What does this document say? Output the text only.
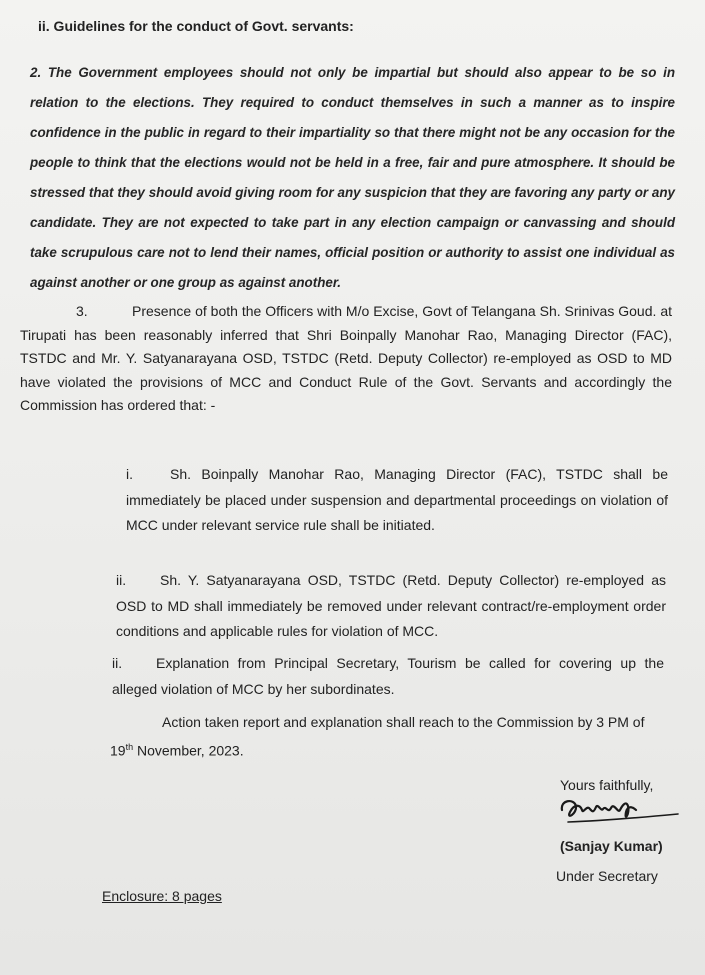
ii. Guidelines for the conduct of Govt. servants:
2. The Government employees should not only be impartial but should also appear to be so in relation to the elections. They required to conduct themselves in such a manner as to inspire confidence in the public in regard to their impartiality so that there might not be any occasion for the people to think that the elections would not be held in a free, fair and pure atmosphere. It should be stressed that they should avoid giving room for any suspicion that they are favoring any party or any candidate. They are not expected to take part in any election campaign or canvassing and should take scrupulous care not to lend their names, official position or authority to assist one individual as against another or one group as against another.
3.	Presence of both the Officers with M/o Excise, Govt of Telangana Sh. Srinivas Goud. at Tirupati has been reasonably inferred that Shri Boinpally Manohar Rao, Managing Director (FAC), TSTDC and Mr. Y. Satyanarayana OSD, TSTDC (Retd. Deputy Collector) re-employed as OSD to MD have violated the provisions of MCC and Conduct Rule of the Govt. Servants and accordingly the Commission has ordered that: -
i.	Sh. Boinpally Manohar Rao, Managing Director (FAC), TSTDC shall be immediately be placed under suspension and departmental proceedings on violation of MCC under relevant service rule shall be initiated.
ii. Sh. Y. Satyanarayana OSD, TSTDC (Retd. Deputy Collector) re-employed as OSD to MD shall immediately be removed under relevant contract/re-employment order conditions and applicable rules for violation of MCC.
ii. Explanation from Principal Secretary, Tourism be called for covering up the alleged violation of MCC by her subordinates.
Action taken report and explanation shall reach to the Commission by 3 PM of 19th November, 2023.
Yours faithfully,
(Sanjay Kumar)
Under Secretary
Enclosure: 8 pages
